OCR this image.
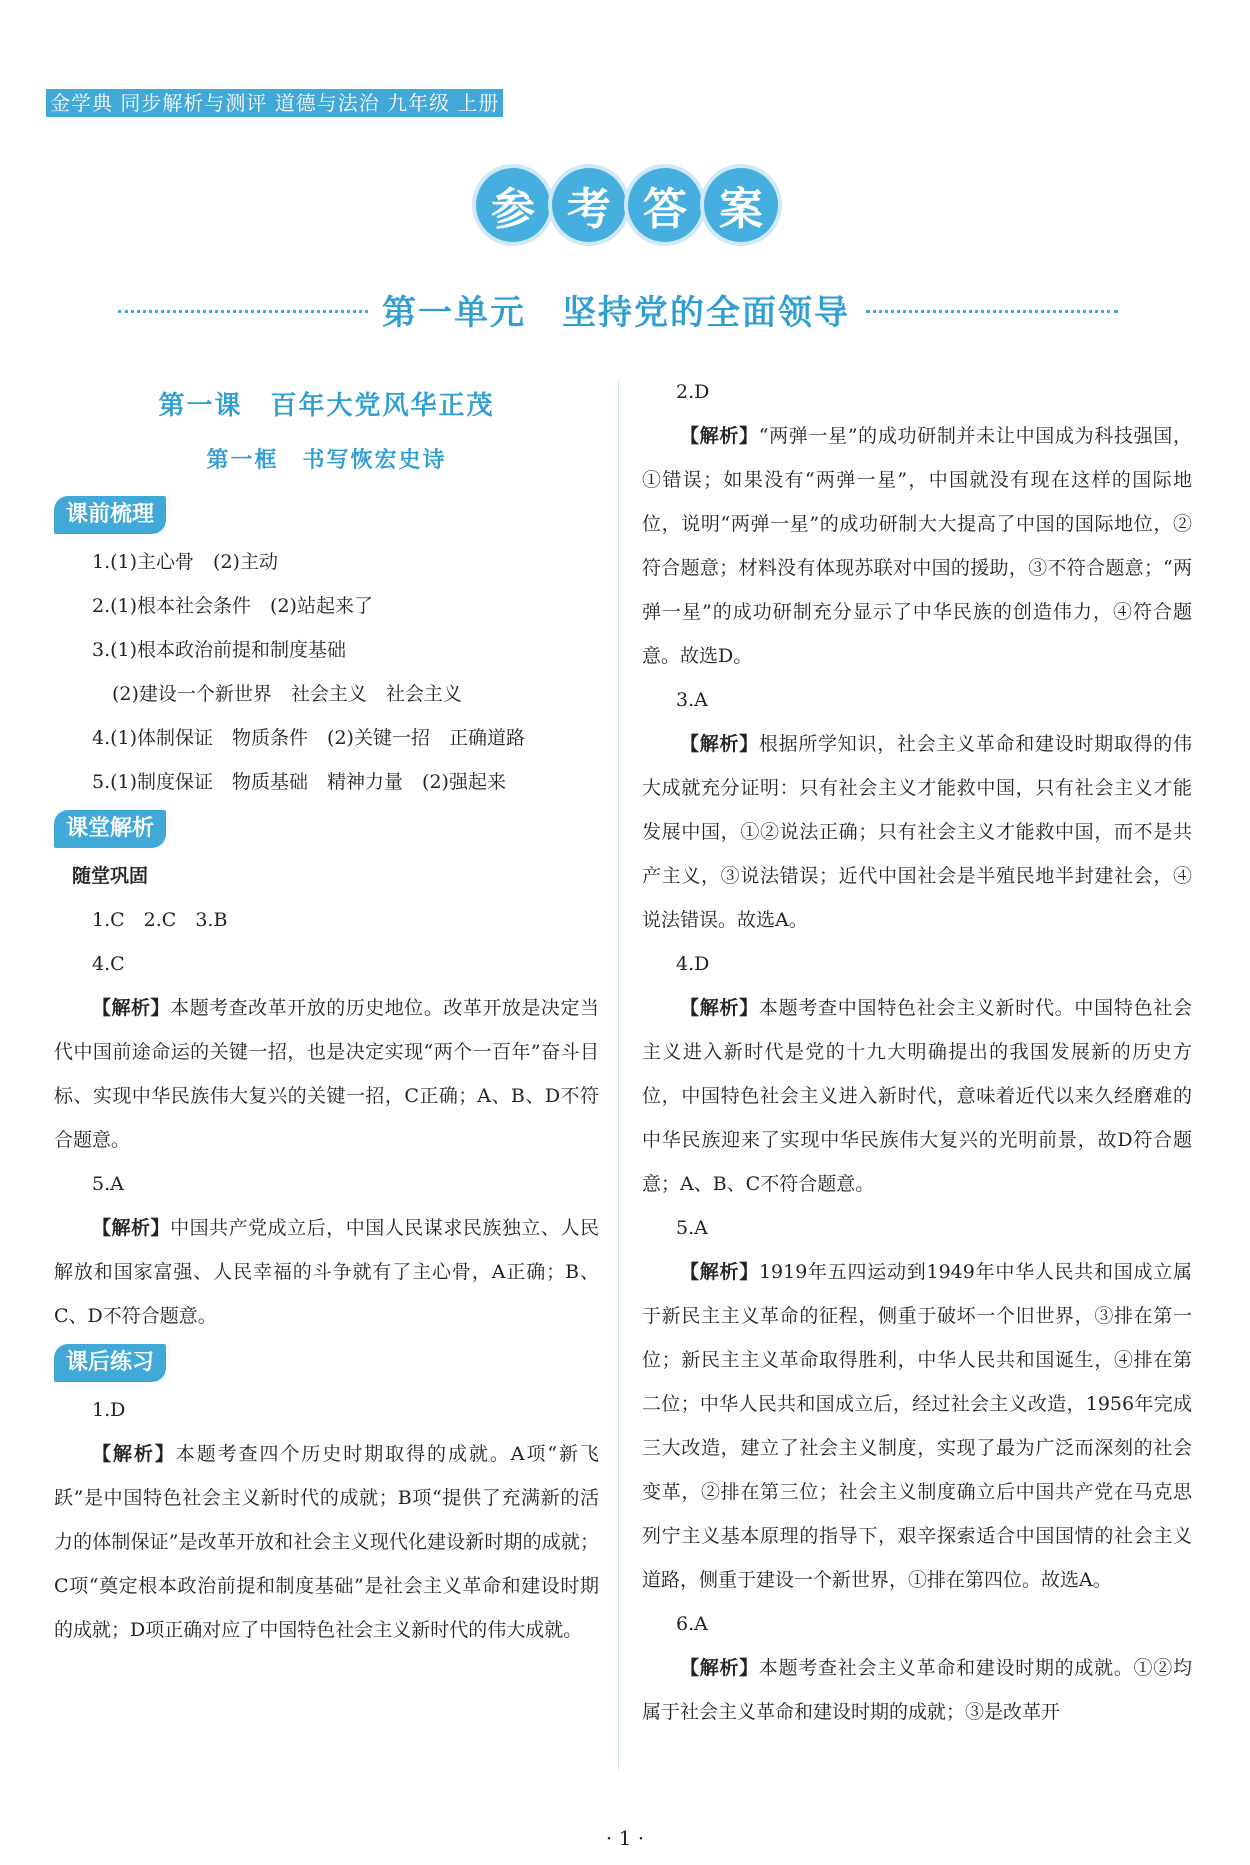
金学典 同步解析与测评 道德与法治 九年级 上册
参 考 答 案
第一单元　坚持党的全面领导
第一课　百年大党风华正茂
第一框　书写恢宏史诗
课前梳理
1.(1)主心骨　(2)主动
2.(1)根本社会条件　(2)站起来了
3.(1)根本政治前提和制度基础
(2)建设一个新世界　社会主义　社会主义
4.(1)体制保证　物质条件　(2)关键一招　正确道路
5.(1)制度保证　物质基础　精神力量　(2)强起来
课堂解析
随堂巩固
1.C　2.C　3.B
4.C
【解析】本题考查改革开放的历史地位。改革开放是决定当代中国前途命运的关键一招，也是决定实现“两个一百年”奋斗目标、实现中华民族伟大复兴的关键一招，C正确；A、B、D不符合题意。
5.A
【解析】中国共产党成立后，中国人民谋求民族独立、人民解放和国家富强、人民幸福的斗争就有了主心骨，A正确；B、C、D不符合题意。
课后练习
1.D
【解析】本题考查四个历史时期取得的成就。A项“新飞跃”是中国特色社会主义新时代的成就；B项“提供了充满新的活力的体制保证”是改革开放和社会主义现代化建设新时期的成就；C项“奠定根本政治前提和制度基础”是社会主义革命和建设时期的成就；D项正确对应了中国特色社会主义新时代的伟大成就。
2.D
【解析】“两弹一星”的成功研制并未让中国成为科技强国，①错误；如果没有“两弹一星”，中国就没有现在这样的国际地位，说明“两弹一星”的成功研制大大提高了中国的国际地位，②符合题意；材料没有体现苏联对中国的援助，③不符合题意；“两弹一星”的成功研制充分显示了中华民族的创造伟力，④符合题意。故选D。
3.A
【解析】根据所学知识，社会主义革命和建设时期取得的伟大成就充分证明：只有社会主义才能救中国，只有社会主义才能发展中国，①②说法正确；只有社会主义才能救中国，而不是共产主义，③说法错误；近代中国社会是半殖民地半封建社会，④说法错误。故选A。
4.D
【解析】本题考查中国特色社会主义新时代。中国特色社会主义进入新时代是党的十九大明确提出的我国发展新的历史方位，中国特色社会主义进入新时代，意味着近代以来久经磨难的中华民族迎来了实现中华民族伟大复兴的光明前景，故D符合题意；A、B、C不符合题意。
5.A
【解析】1919年五四运动到1949年中华人民共和国成立属于新民主主义革命的征程，侧重于破坏一个旧世界，③排在第一位；新民主主义革命取得胜利，中华人民共和国诞生，④排在第二位；中华人民共和国成立后，经过社会主义改造，1956年完成三大改造，建立了社会主义制度，实现了最为广泛而深刻的社会变革，②排在第三位；社会主义制度确立后中国共产党在马克思列宁主义基本原理的指导下，艰辛探索适合中国国情的社会主义道路，侧重于建设一个新世界，①排在第四位。故选A。
6.A
【解析】本题考查社会主义革命和建设时期的成就。①②均属于社会主义革命和建设时期的成就；③是改革开
· 1 ·
